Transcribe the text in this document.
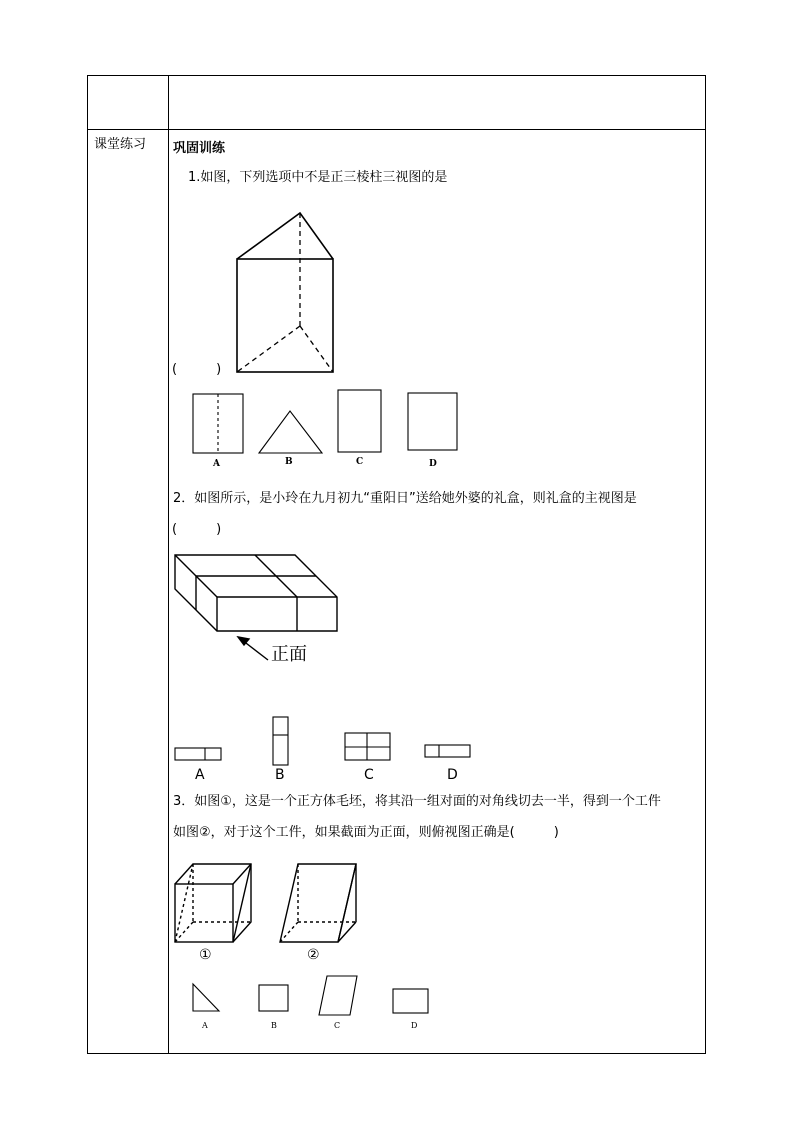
课堂练习 巩固训练
1.如图，下列选项中不是正三棱柱三视图的是
(　　　)
A	B	C	D
2．如图所示，是小玲在九月初九“重阳日”送给她外婆的礼盒，则礼盒的主视图是
(　　　)
正面
A	B	C	D
3．如图①，这是一个正方体毛坯，将其沿一组对面的对角线切去一半，得到一个工件
如图②，对于这个工件，如果截面为正面，则俯视图正确是(　　　)
①	②
A	B	C	D
